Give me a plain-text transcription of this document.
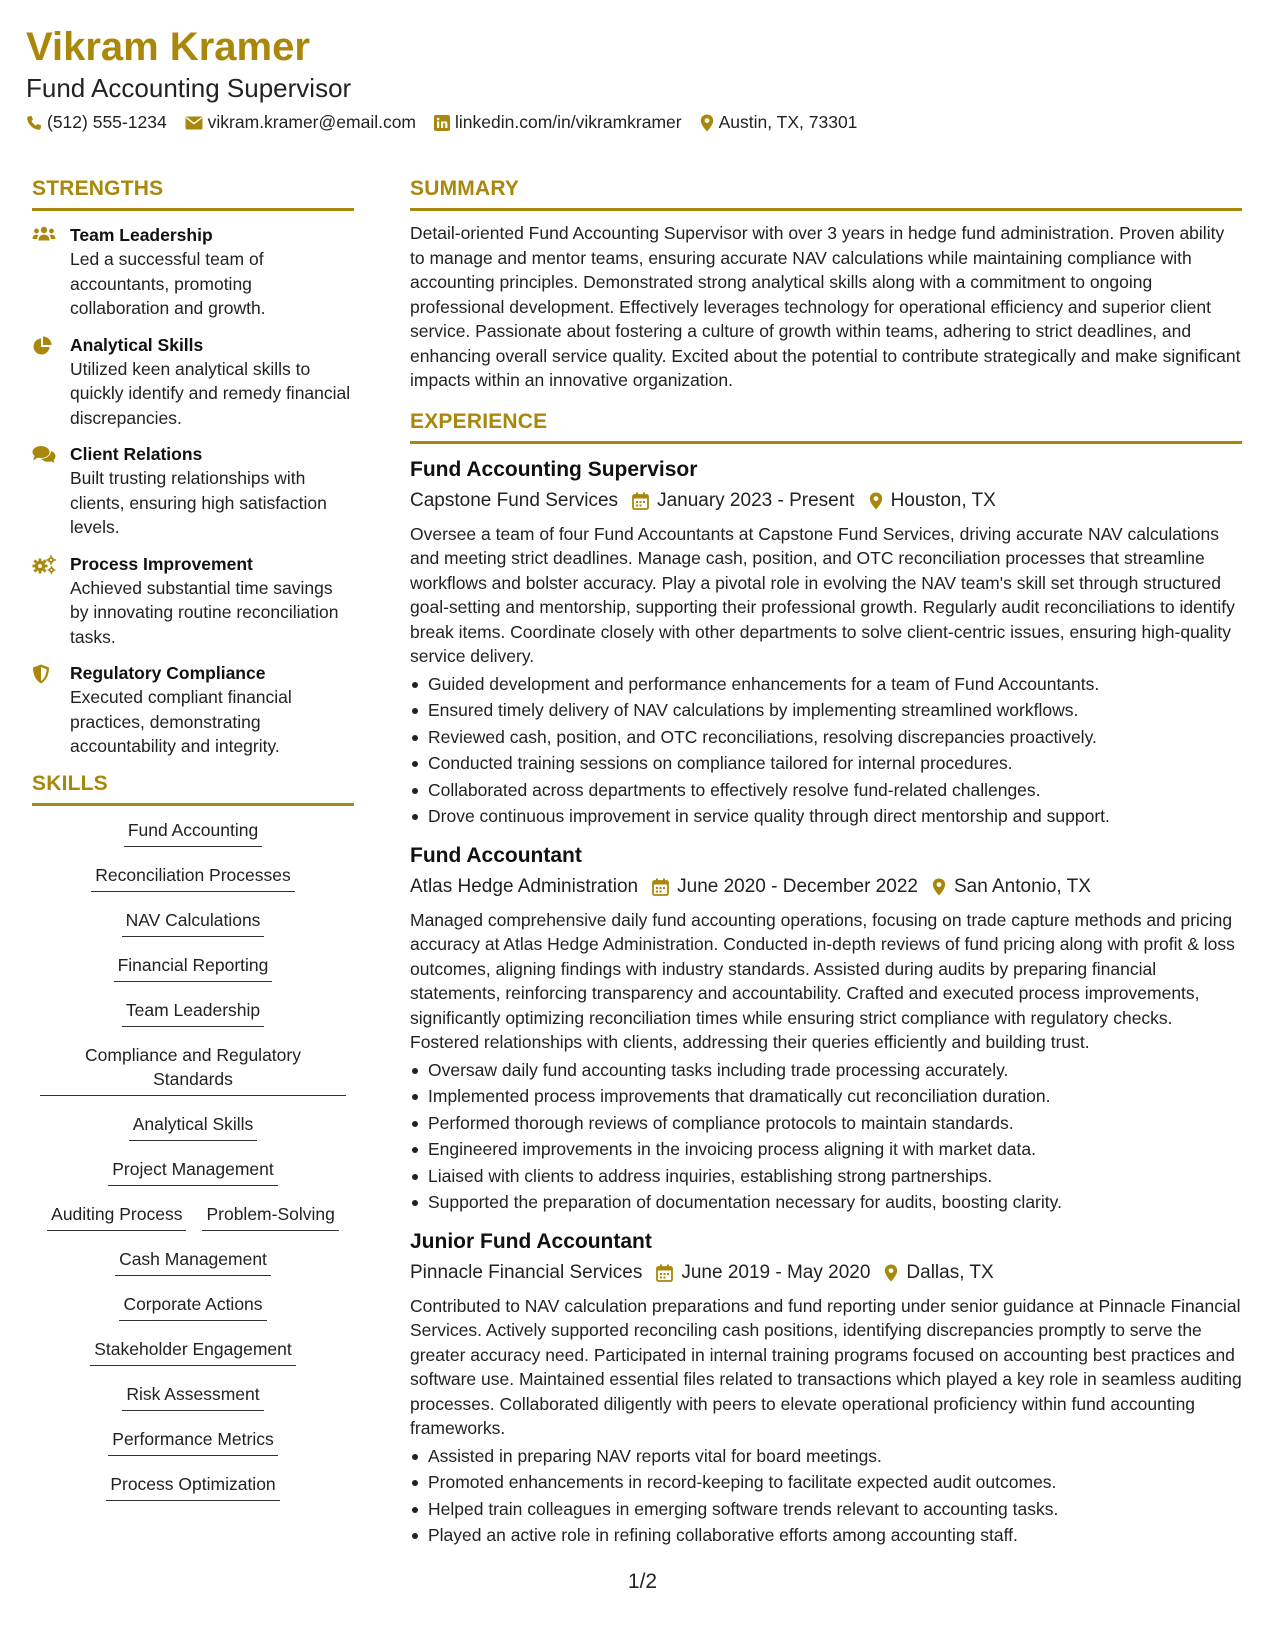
Vikram Kramer
Fund Accounting Supervisor
(512) 555-1234 vikram.kramer@email.com linkedin.com/in/vikramkramer Austin, TX, 73301
STRENGTHS
Team Leadership
Led a successful team of accountants, promoting collaboration and growth.
Analytical Skills
Utilized keen analytical skills to quickly identify and remedy financial discrepancies.
Client Relations
Built trusting relationships with clients, ensuring high satisfaction levels.
Process Improvement
Achieved substantial time savings by innovating routine reconciliation tasks.
Regulatory Compliance
Executed compliant financial practices, demonstrating accountability and integrity.
SKILLS
Fund Accounting
Reconciliation Processes
NAV Calculations
Financial Reporting
Team Leadership
Compliance and Regulatory Standards
Analytical Skills
Project Management
Auditing Process Problem-Solving
Cash Management
Corporate Actions
Stakeholder Engagement
Risk Assessment
Performance Metrics
Process Optimization
SUMMARY
Detail-oriented Fund Accounting Supervisor with over 3 years in hedge fund administration. Proven ability to manage and mentor teams, ensuring accurate NAV calculations while maintaining compliance with accounting principles. Demonstrated strong analytical skills along with a commitment to ongoing professional development. Effectively leverages technology for operational efficiency and superior client service. Passionate about fostering a culture of growth within teams, adhering to strict deadlines, and enhancing overall service quality. Excited about the potential to contribute strategically and make significant impacts within an innovative organization.
EXPERIENCE
Fund Accounting Supervisor
Capstone Fund Services January 2023 - Present Houston, TX
Oversee a team of four Fund Accountants at Capstone Fund Services, driving accurate NAV calculations and meeting strict deadlines. Manage cash, position, and OTC reconciliation processes that streamline workflows and bolster accuracy. Play a pivotal role in evolving the NAV team's skill set through structured goal-setting and mentorship, supporting their professional growth. Regularly audit reconciliations to identify break items. Coordinate closely with other departments to solve client-centric issues, ensuring high-quality service delivery.
Guided development and performance enhancements for a team of Fund Accountants.
Ensured timely delivery of NAV calculations by implementing streamlined workflows.
Reviewed cash, position, and OTC reconciliations, resolving discrepancies proactively.
Conducted training sessions on compliance tailored for internal procedures.
Collaborated across departments to effectively resolve fund-related challenges.
Drove continuous improvement in service quality through direct mentorship and support.
Fund Accountant
Atlas Hedge Administration June 2020 - December 2022 San Antonio, TX
Managed comprehensive daily fund accounting operations, focusing on trade capture methods and pricing accuracy at Atlas Hedge Administration. Conducted in-depth reviews of fund pricing along with profit & loss outcomes, aligning findings with industry standards. Assisted during audits by preparing financial statements, reinforcing transparency and accountability. Crafted and executed process improvements, significantly optimizing reconciliation times while ensuring strict compliance with regulatory checks. Fostered relationships with clients, addressing their queries efficiently and building trust.
Oversaw daily fund accounting tasks including trade processing accurately.
Implemented process improvements that dramatically cut reconciliation duration.
Performed thorough reviews of compliance protocols to maintain standards.
Engineered improvements in the invoicing process aligning it with market data.
Liaised with clients to address inquiries, establishing strong partnerships.
Supported the preparation of documentation necessary for audits, boosting clarity.
Junior Fund Accountant
Pinnacle Financial Services June 2019 - May 2020 Dallas, TX
Contributed to NAV calculation preparations and fund reporting under senior guidance at Pinnacle Financial Services. Actively supported reconciling cash positions, identifying discrepancies promptly to serve the greater accuracy need. Participated in internal training programs focused on accounting best practices and software use. Maintained essential files related to transactions which played a key role in seamless auditing processes. Collaborated diligently with peers to elevate operational proficiency within fund accounting frameworks.
Assisted in preparing NAV reports vital for board meetings.
Promoted enhancements in record-keeping to facilitate expected audit outcomes.
Helped train colleagues in emerging software trends relevant to accounting tasks.
Played an active role in refining collaborative efforts among accounting staff.
1/2
